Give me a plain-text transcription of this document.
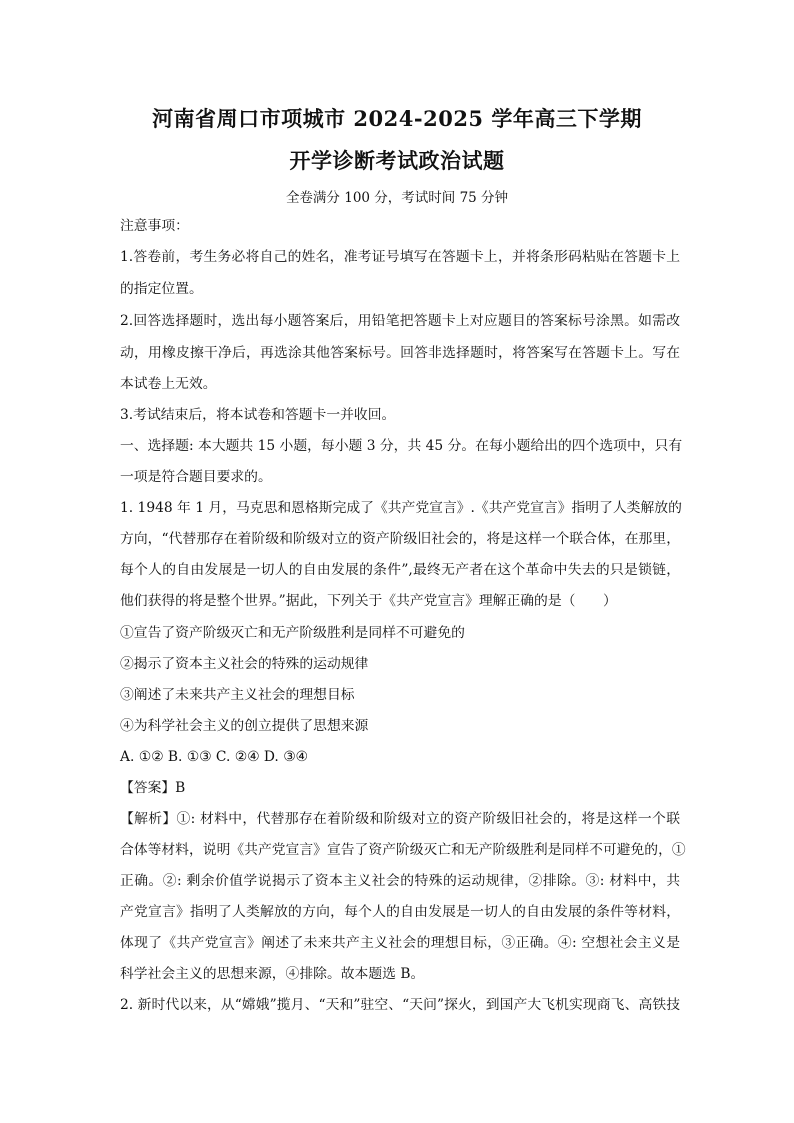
河南省周口市项城市 2024-2025 学年高三下学期
开学诊断考试政治试题
全卷满分 100 分，考试时间 75 分钟
注意事项：
1.答卷前，考生务必将自己的姓名，准考证号填写在答题卡上，并将条形码粘贴在答题卡上
的指定位置。
2.回答选择题时，选出每小题答案后，用铅笔把答题卡上对应题目的答案标号涂黑。如需改
动，用橡皮擦干净后，再选涂其他答案标号。回答非选择题时，将答案写在答题卡上。写在
本试卷上无效。
3.考试结束后，将本试卷和答题卡一并收回。
一、选择题: 本大题共 15 小题，每小题 3 分，共 45 分。在每小题给出的四个选项中，只有
一项是符合题目要求的。
1. 1948 年 1 月，马克思和恩格斯完成了《共产党宣言》.《共产党宣言》指明了人类解放的
方向，“代替那存在着阶级和阶级对立的资产阶级旧社会的，将是这样一个联合体，在那里，
每个人的自由发展是一切人的自由发展的条件”,最终无产者在这个革命中失去的只是锁链，
他们获得的将是整个世界。”据此，下列关于《共产党宣言》理解正确的是（　　）
①宣告了资产阶级灭亡和无产阶级胜利是同样不可避免的
②揭示了资本主义社会的特殊的运动规律
③阐述了未来共产主义社会的理想目标
④为科学社会主义的创立提供了思想来源
A. ①② B. ①③ C. ②④ D. ③④
【答案】B
【解析】①: 材料中，代替那存在着阶级和阶级对立的资产阶级旧社会的，将是这样一个联
合体等材料，说明《共产党宣言》宣告了资产阶级灭亡和无产阶级胜利是同样不可避免的，①
正确。②: 剩余价值学说揭示了资本主义社会的特殊的运动规律，②排除。③: 材料中，共
产党宣言》指明了人类解放的方向，每个人的自由发展是一切人的自由发展的条件等材料，
体现了《共产党宣言》阐述了未来共产主义社会的理想目标，③正确。④: 空想社会主义是
科学社会主义的思想来源，④排除。故本题选 B。
2. 新时代以来，从“嫦娥”揽月、“天和”驻空、“天问”探火，到国产大飞机实现商飞、高铁技
